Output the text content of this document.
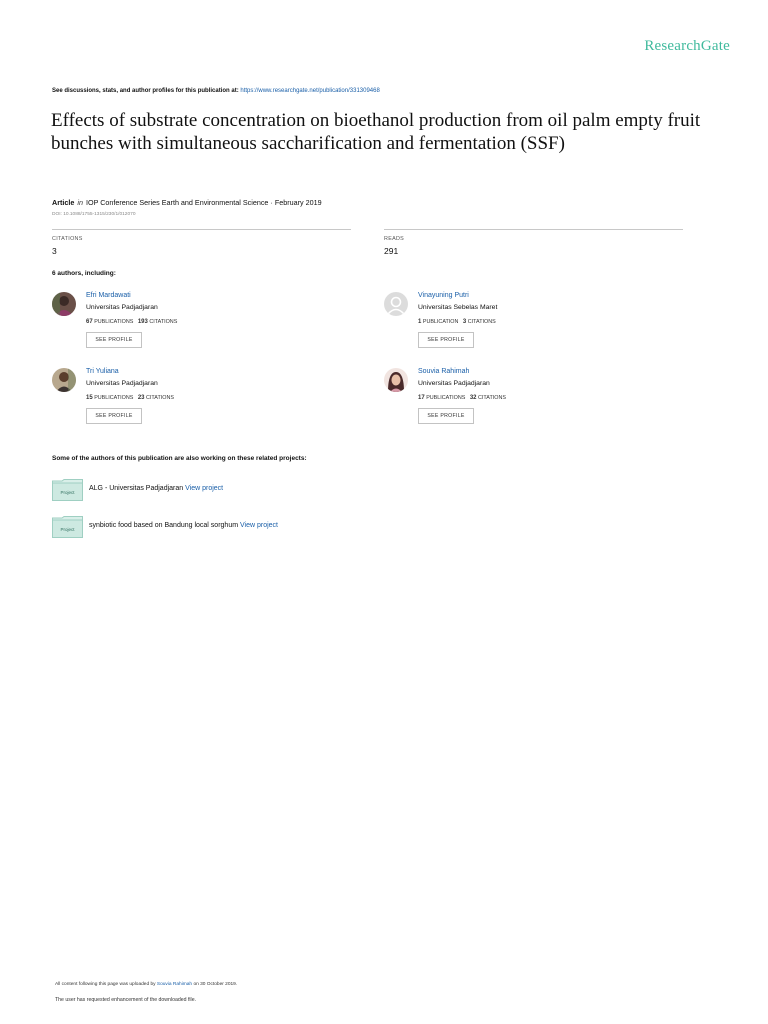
ResearchGate
See discussions, stats, and author profiles for this publication at: https://www.researchgate.net/publication/331309468
Effects of substrate concentration on bioethanol production from oil palm empty fruit bunches with simultaneous saccharification and fermentation (SSF)
Article in IOP Conference Series Earth and Environmental Science · February 2019
DOI: 10.1088/1755-1315/230/1/012070
CITATIONS
3
READS
291
6 authors, including:
Efri Mardawati
Universitas Padjadjaran
67 PUBLICATIONS 193 CITATIONS
SEE PROFILE
Vinayuning Putri
Universitas Sebelas Maret
1 PUBLICATION 3 CITATIONS
SEE PROFILE
Tri Yuliana
Universitas Padjadjaran
15 PUBLICATIONS 23 CITATIONS
SEE PROFILE
Souvia Rahimah
Universitas Padjadjaran
17 PUBLICATIONS 32 CITATIONS
SEE PROFILE
Some of the authors of this publication are also working on these related projects:
Project
ALG - Universitas Padjadjaran View project
Project
synbiotic food based on Bandung local sorghum View project
All content following this page was uploaded by Souvia Rahimah on 30 October 2019.
The user has requested enhancement of the downloaded file.
